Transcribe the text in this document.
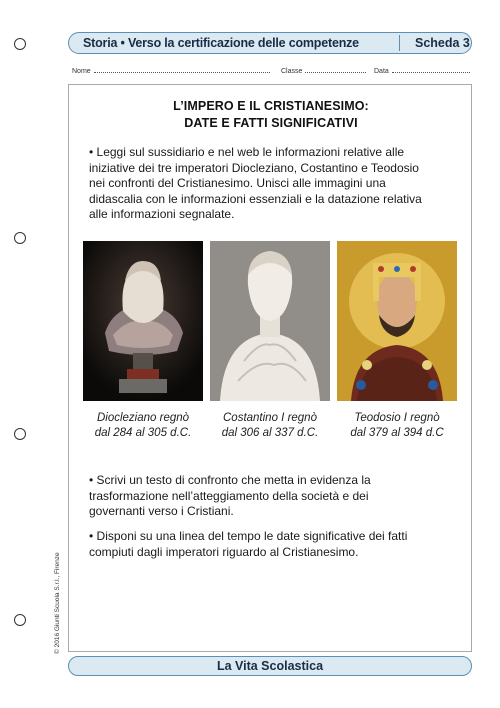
Storia • Verso la certificazione delle competenze	Scheda 3
Nome	Classe	Data
L’IMPERO E IL CRISTIANESIMO:
DATE E FATTI SIGNIFICATIVI
• Leggi sul sussidiario e nel web le informazioni relative alle
iniziative dei tre imperatori Diocleziano, Costantino e Teodosio
nei confronti del Cristianesimo. Unisci alle immagini una
didascalia con le informazioni essenziali e la datazione relativa
alle informazioni segnalate.
Diocleziano regnò
dal 284 al 305 d.C.
Costantino I regnò
dal 306 al 337 d.C.
Teodosio I regnò
dal 379 al 394 d.C
• Scrivi un testo di confronto che metta in evidenza la
trasformazione nell’atteggiamento della società e dei
governanti verso i Cristiani.
• Disponi su una linea del tempo le date significative dei fatti
compiuti dagli imperatori riguardo al Cristianesimo.
© 2016 Giunti Scuola S.r.l., Firenze
La Vita Scolastica
